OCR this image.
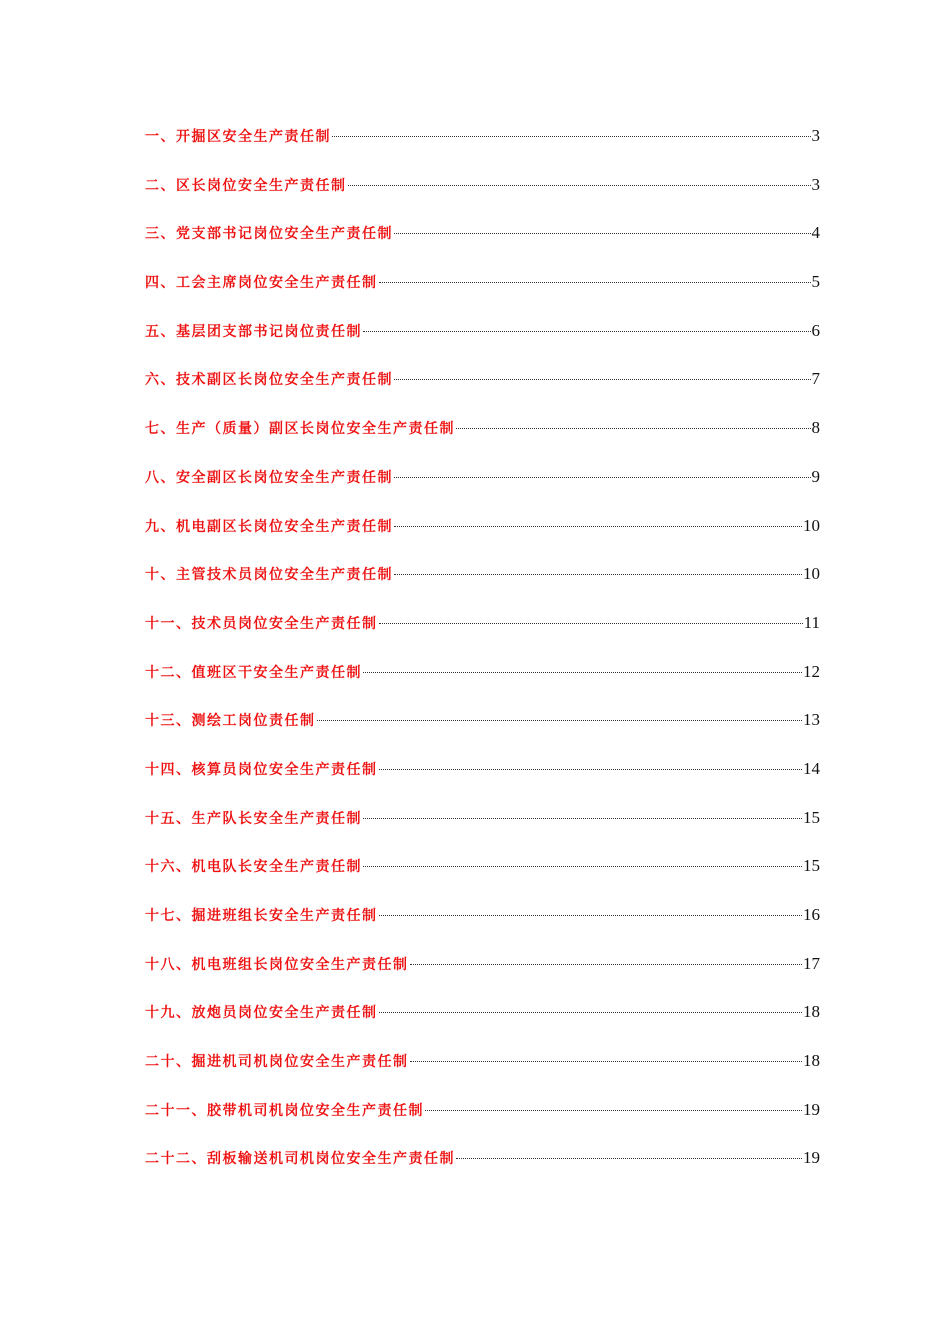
一、开掘区安全生产责任制	3
二、区长岗位安全生产责任制	3
三、党支部书记岗位安全生产责任制	4
四、工会主席岗位安全生产责任制	5
五、基层团支部书记岗位责任制	6
六、技术副区长岗位安全生产责任制	7
七、生产（质量）副区长岗位安全生产责任制	8
八、安全副区长岗位安全生产责任制	9
九、机电副区长岗位安全生产责任制	10
十、主管技术员岗位安全生产责任制	10
十一、技术员岗位安全生产责任制	11
十二、值班区干安全生产责任制	12
十三、测绘工岗位责任制	13
十四、核算员岗位安全生产责任制	14
十五、生产队长安全生产责任制	15
十六、机电队长安全生产责任制	15
十七、掘进班组长安全生产责任制	16
十八、机电班组长岗位安全生产责任制	17
十九、放炮员岗位安全生产责任制	18
二十、掘进机司机岗位安全生产责任制	18
二十一、胶带机司机岗位安全生产责任制	19
二十二、刮板输送机司机岗位安全生产责任制	19
